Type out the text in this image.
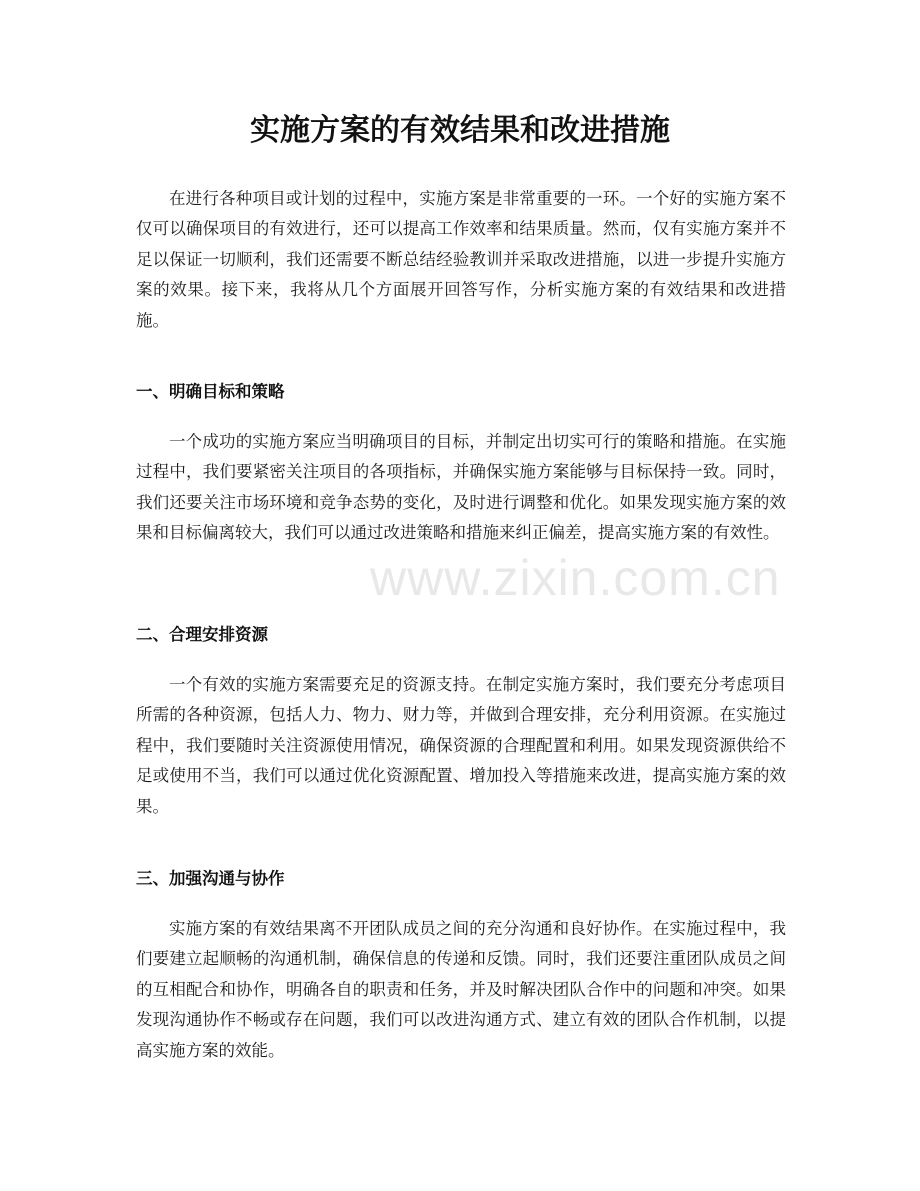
实施方案的有效结果和改进措施

在进行各种项目或计划的过程中，实施方案是非常重要的一环。一个好的实施方案不仅可以确保项目的有效进行，还可以提高工作效率和结果质量。然而，仅有实施方案并不足以保证一切顺利，我们还需要不断总结经验教训并采取改进措施，以进一步提升实施方案的效果。接下来，我将从几个方面展开回答写作，分析实施方案的有效结果和改进措施。

一、明确目标和策略

一个成功的实施方案应当明确项目的目标，并制定出切实可行的策略和措施。在实施过程中，我们要紧密关注项目的各项指标，并确保实施方案能够与目标保持一致。同时，我们还要关注市场环境和竞争态势的变化，及时进行调整和优化。如果发现实施方案的效果和目标偏离较大，我们可以通过改进策略和措施来纠正偏差，提高实施方案的有效性。

二、合理安排资源

一个有效的实施方案需要充足的资源支持。在制定实施方案时，我们要充分考虑项目所需的各种资源，包括人力、物力、财力等，并做到合理安排，充分利用资源。在实施过程中，我们要随时关注资源使用情况，确保资源的合理配置和利用。如果发现资源供给不足或使用不当，我们可以通过优化资源配置、增加投入等措施来改进，提高实施方案的效果。

三、加强沟通与协作

实施方案的有效结果离不开团队成员之间的充分沟通和良好协作。在实施过程中，我们要建立起顺畅的沟通机制，确保信息的传递和反馈。同时，我们还要注重团队成员之间的互相配合和协作，明确各自的职责和任务，并及时解决团队合作中的问题和冲突。如果发现沟通协作不畅或存在问题，我们可以改进沟通方式、建立有效的团队合作机制，以提高实施方案的效能。

www.zixin.com.cn
